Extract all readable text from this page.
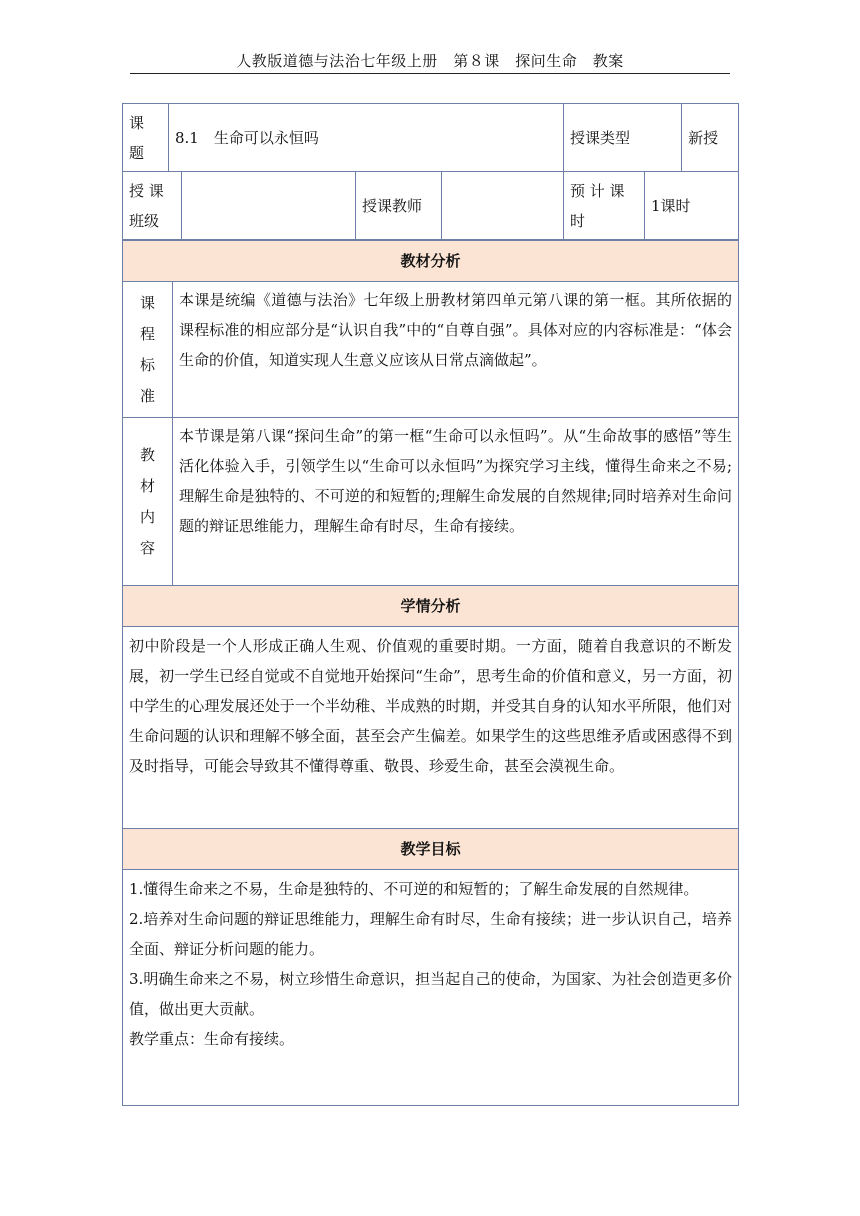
人教版道德与法治七年级上册　第８课　探问生命　教案
课
题	8.1　生命可以永恒吗	授课类型	新授
授 课
班级		授课教师		预 计 课
时	1课时
教材分析	

课
程
标
准	本课是统编《道德与法治》七年级上册教材第四单元第八课的第一框。其所依据的课程标准的相应部分是“认识自我”中的“自尊自强”。具体对应的内容标准是：“体会生命的价值，知道实现人生意义应该从日常点滴做起”。

教
材
内
容	本节课是第八课“探问生命”的第一框“生命可以永恒吗”。从“生命故事的感悟”等生活化体验入手，引领学生以“生命可以永恒吗”为探究学习主线，懂得生命来之不易;理解生命是独特的、不可逆的和短暂的;理解生命发展的自然规律;同时培养对生命问题的辩证思维能力，理解生命有时尽，生命有接续。
学情分析	
初中阶段是一个人形成正确人生观、价值观的重要时期。一方面，随着自我意识的不断发展，初一学生已经自觉或不自觉地开始探问“生命”，思考生命的价值和意义，另一方面，初中学生的心理发展还处于一个半幼稚、半成熟的时期，并受其自身的认知水平所限，他们对生命问题的认识和理解不够全面，甚至会产生偏差。如果学生的这些思维矛盾或困惑得不到及时指导，可能会导致其不懂得尊重、敬畏、珍爱生命，甚至会漠视生命。	
教学目标	

1.懂得生命来之不易，生命是独特的、不可逆的和短暂的；了解生命发展的自然规律。
2.培养对生命问题的辩证思维能力，理解生命有时尽，生命有接续；进一步认识自己，培养全面、辩证分析问题的能力。
3.明确生命来之不易，树立珍惜生命意识，担当起自己的使命，为国家、为社会创造更多价值，做出更大贡献。
教学重点：生命有接续。	
